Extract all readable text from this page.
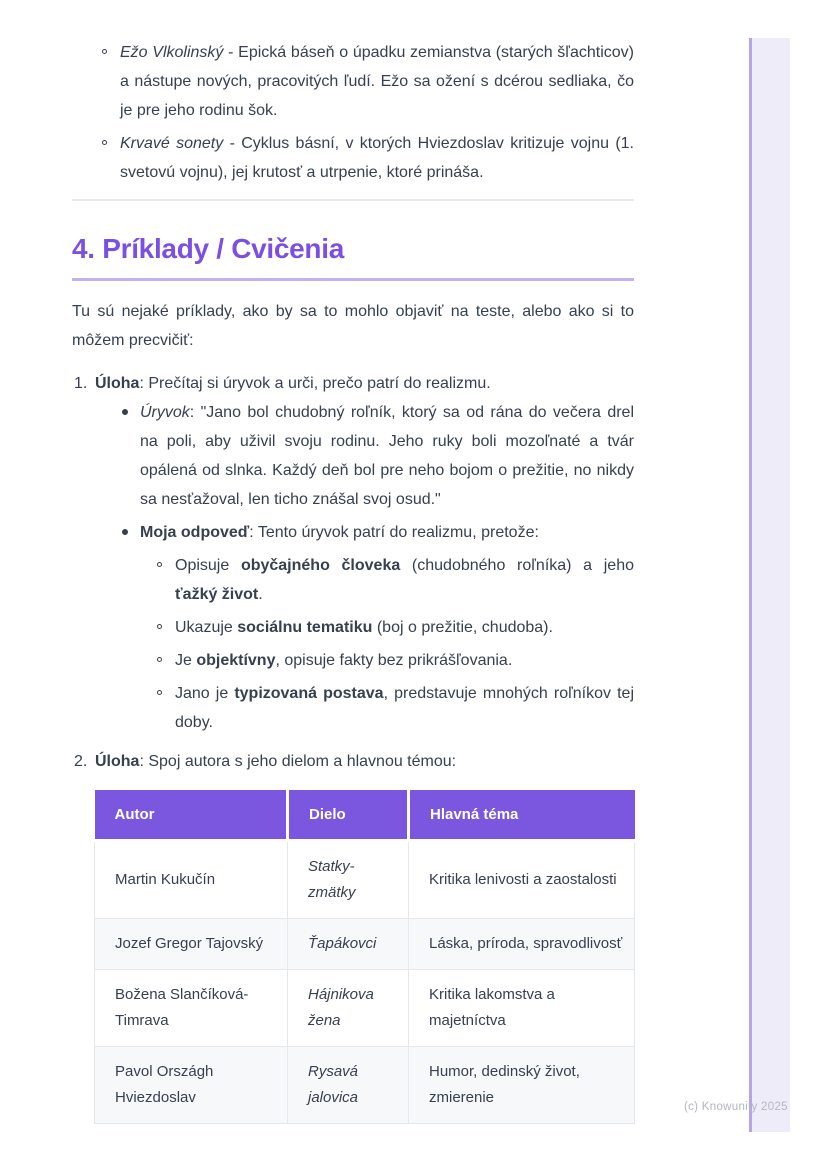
(c) Knowunity 2025
Ežo Vlkolinský - Epická báseň o úpadku zemianstva (starých šľachticov) a nástupe nových, pracovitých ľudí. Ežo sa ožení s dcérou sedliaka, čo je pre jeho rodinu šok.
Krvavé sonety - Cyklus básní, v ktorých Hviezdoslav kritizuje vojnu (1. svetovú vojnu), jej krutosť a utrpenie, ktoré prináša.
4. Príklady / Cvičenia

Tu sú nejaké príklady, ako by sa to mohlo objaviť na teste, alebo ako si to môžem precvičiť:

1. Úloha: Prečítaj si úryvok a urči, prečo patrí do realizmu.
Úryvok: "Jano bol chudobný roľník, ktorý sa od rána do večera drel na poli, aby uživil svoju rodinu. Jeho ruky boli mozoľnaté a tvár opálená od slnka. Každý deň bol pre neho bojom o prežitie, no nikdy sa nesťažoval, len ticho znášal svoj osud."
Moja odpoveď: Tento úryvok patrí do realizmu, pretože:
Opisuje obyčajného človeka (chudobného roľníka) a jeho ťažký život.
Ukazuje sociálnu tematiku (boj o prežitie, chudoba).
Je objektívny, opisuje fakty bez prikrášľovania.
Jano je typizovaná postava, predstavuje mnohých roľníkov tej doby.
2. Úloha: Spoj autora s jeho dielom a hlavnou témou:
Autor	Dielo	Hlavná téma
Martin Kukučín	Statky-zmätky	Kritika lenivosti a zaostalosti
Jozef Gregor Tajovský	Ťapákovci	Láska, príroda, spravodlivosť
Božena Slančíková-Timrava	Hájnikova žena	Kritika lakomstva a majetníctva
Pavol Országh Hviezdoslav	Rysavá jalovica	Humor, dedinský život, zmierenie
